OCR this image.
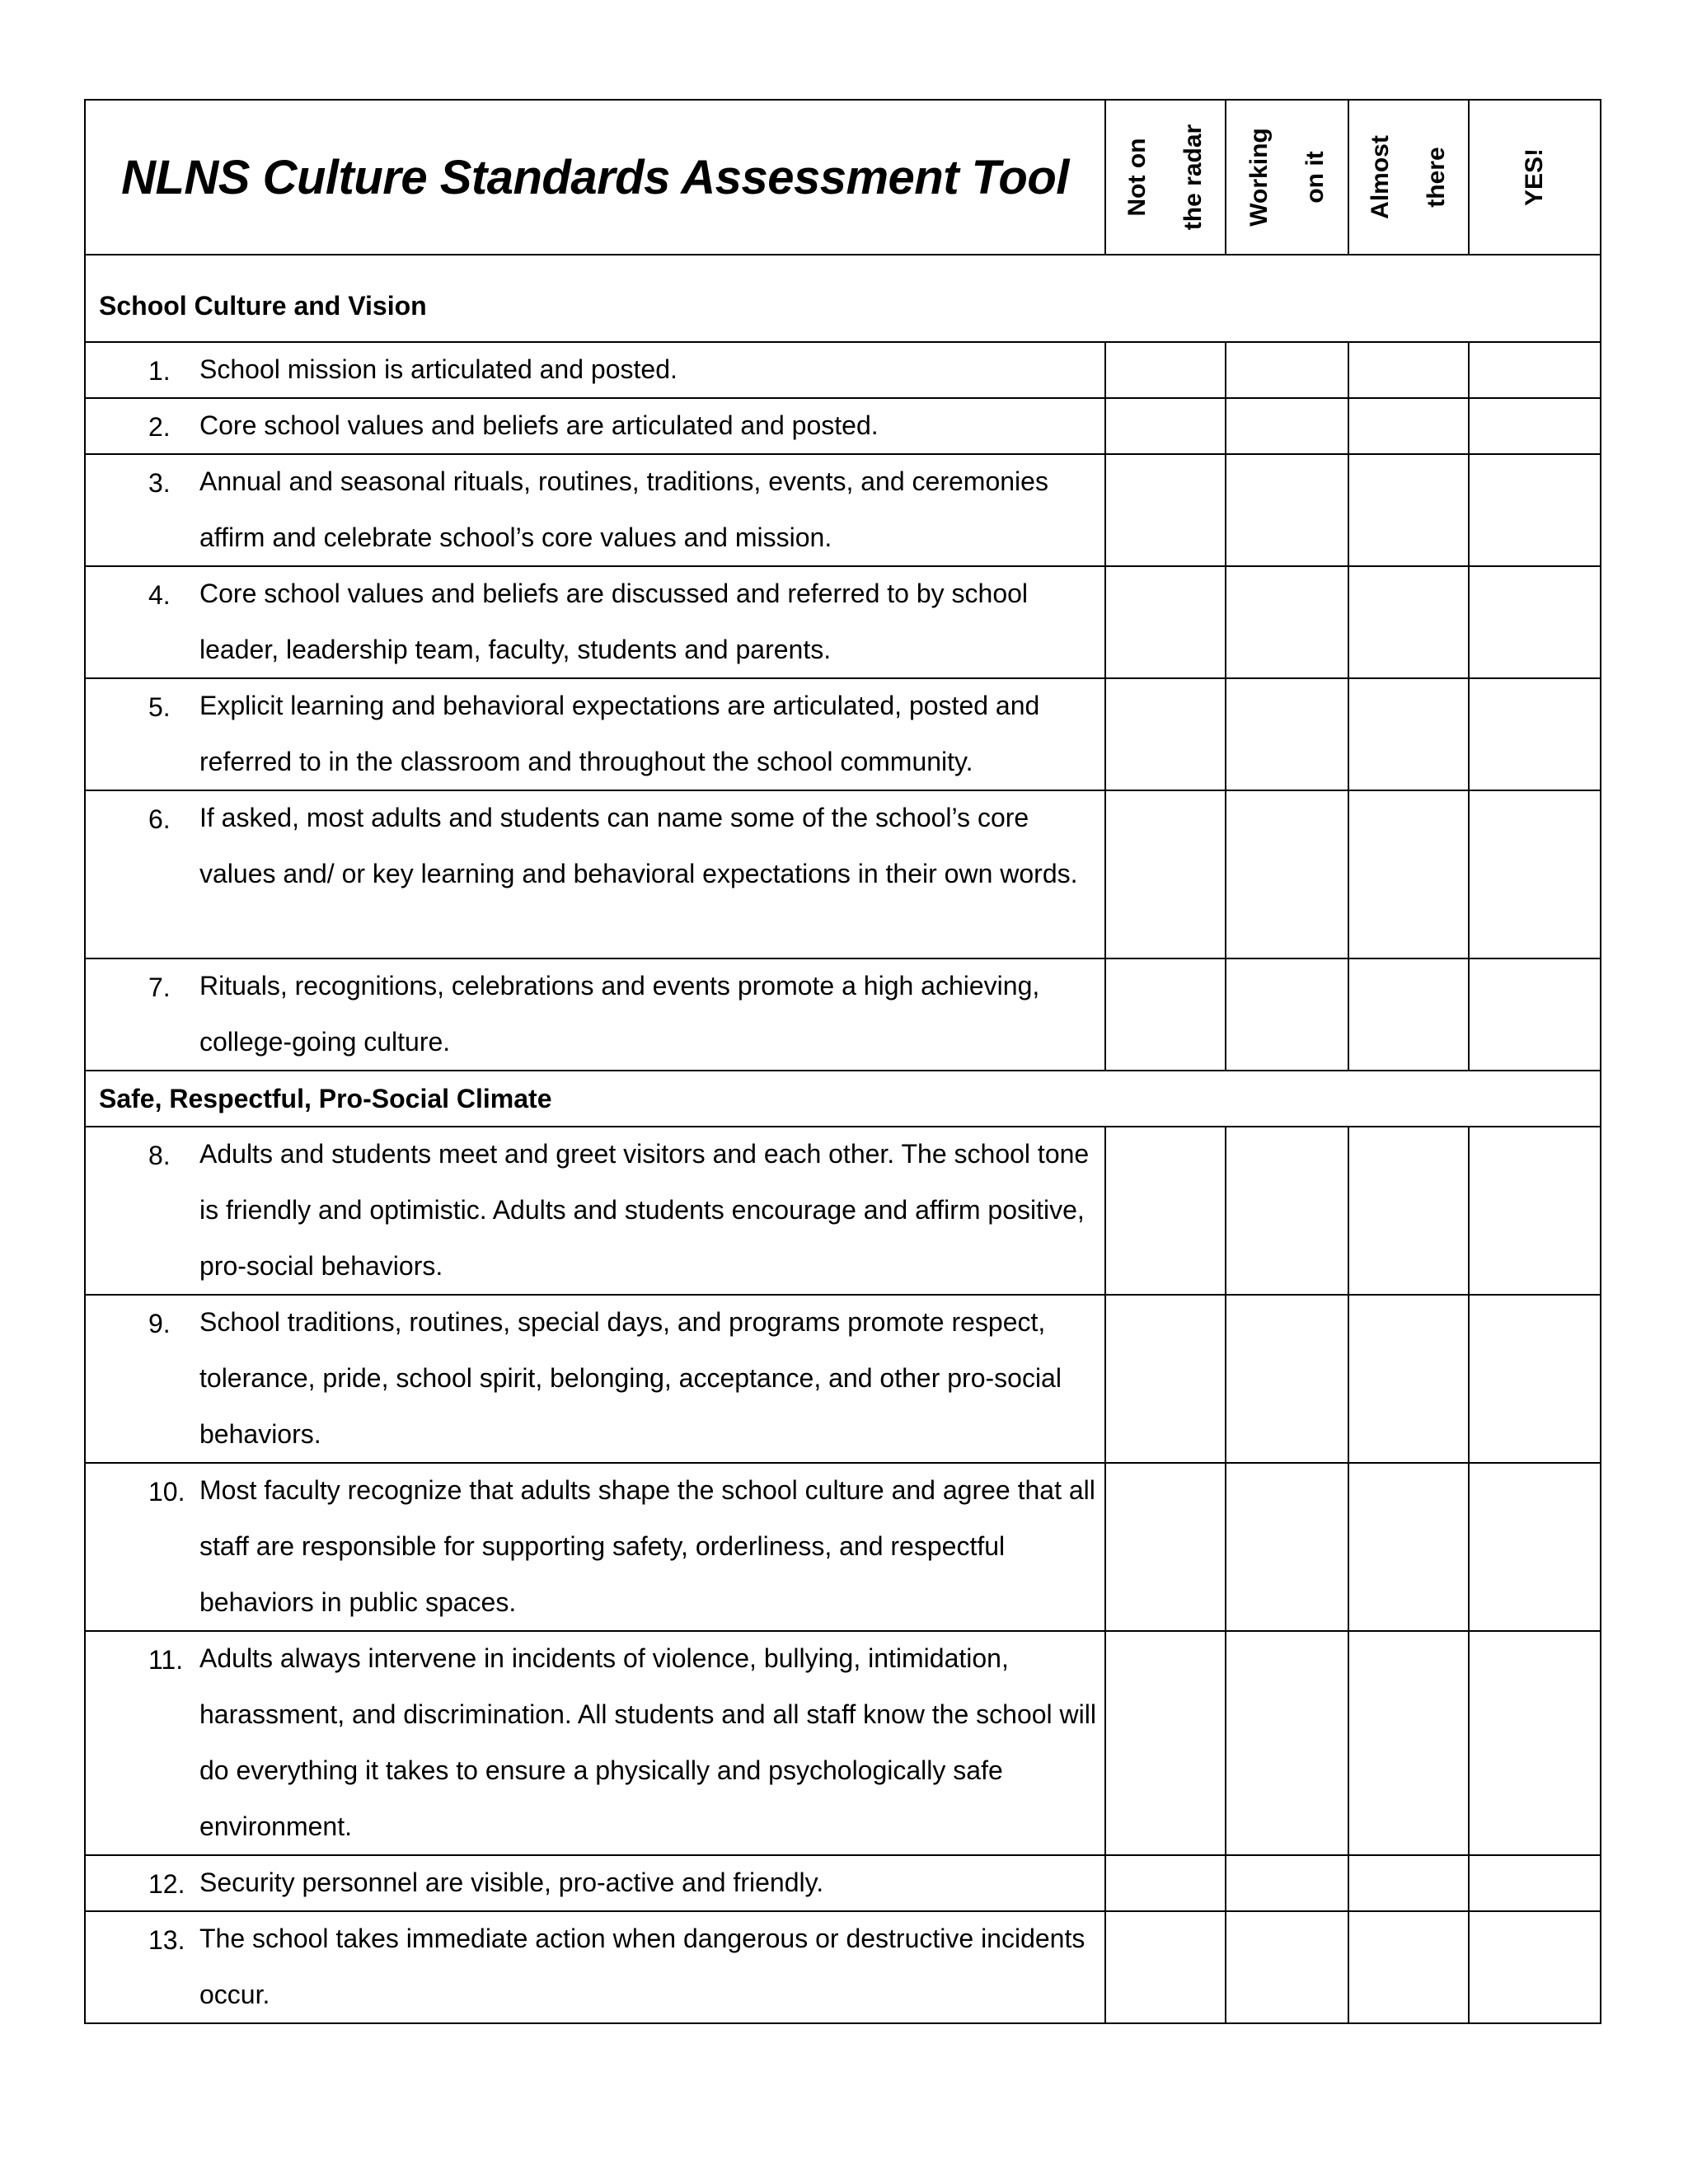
NLNS Culture Standards Assessment Tool	Not on the radar	Working on it	Almost there	YES!

School Culture and Vision				

1. School mission is articulated and posted.				

2. Core school values and beliefs are articulated and posted.				

3. Annual and seasonal rituals, routines, traditions, events, and ceremonies affirm and celebrate school’s core values and mission.				

4. Core school values and beliefs are discussed and referred to by school leader, leadership team, faculty, students and parents.				

5. Explicit learning and behavioral expectations are articulated, posted and referred to in the classroom and throughout the school community.				

6. If asked, most adults and students can name some of the school’s core values and/ or key learning and behavioral expectations in their own words.				

7. Rituals, recognitions, celebrations and events promote a high achieving, college-going culture.				

Safe, Respectful, Pro-Social Climate				

8. Adults and students meet and greet visitors and each other. The school tone is friendly and optimistic. Adults and students encourage and affirm positive, pro-social behaviors.				

9. School traditions, routines, special days, and programs promote respect, tolerance, pride, school spirit, belonging, acceptance, and other pro-social behaviors.				

10. Most faculty recognize that adults shape the school culture and agree that all staff are responsible for supporting safety, orderliness, and respectful behaviors in public spaces.				

11. Adults always intervene in incidents of violence, bullying, intimidation, harassment, and discrimination. All students and all staff know the school will do everything it takes to ensure a physically and psychologically safe environment.				

12. Security personnel are visible, pro-active and friendly.				

13. The school takes immediate action when dangerous or destructive incidents occur.				
